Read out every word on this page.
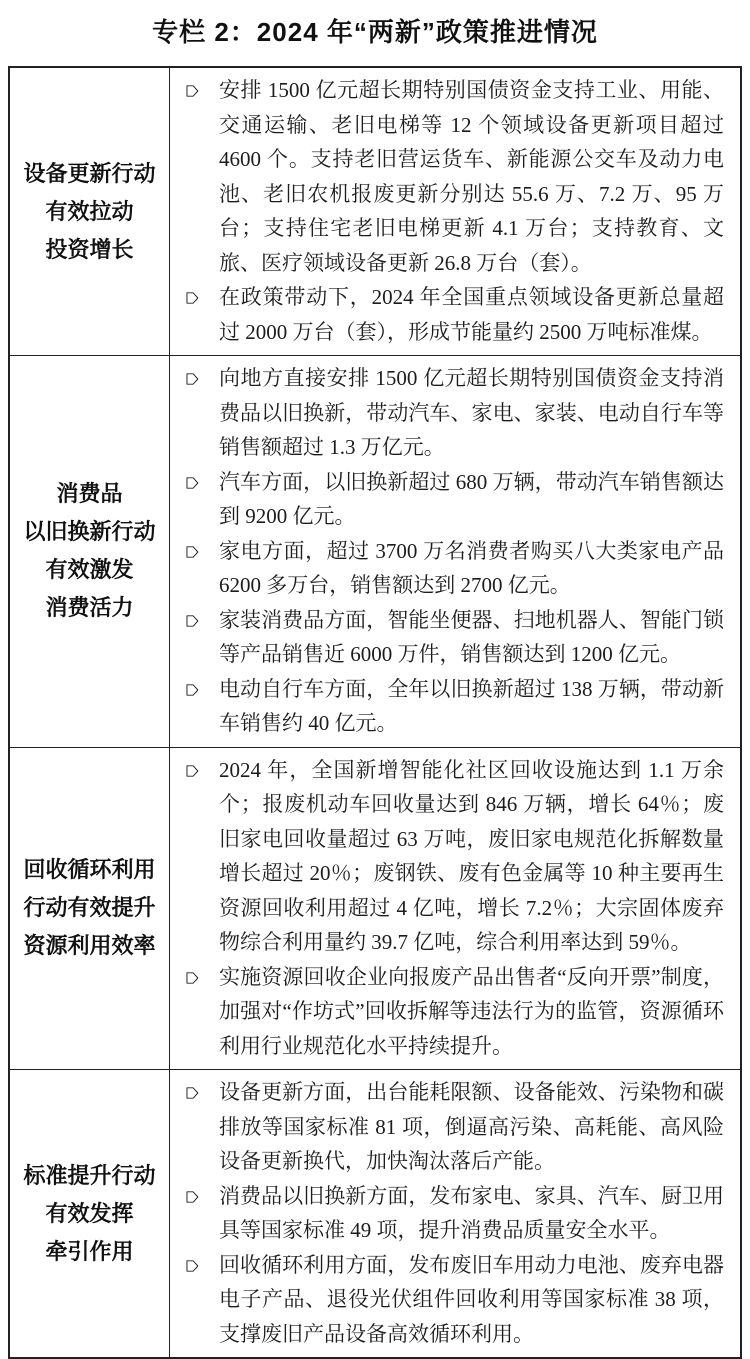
专栏 2：2024 年“两新”政策推进情况
设备更新行动
有效拉动
投资增长
安排 1500 亿元超长期特别国债资金支持工业、用能、交通运输、老旧电梯等 12 个领域设备更新项目超过 4600 个。支持老旧营运货车、新能源公交车及动力电池、老旧农机报废更新分别达 55.6 万、7.2 万、95 万台；支持住宅老旧电梯更新 4.1 万台；支持教育、文旅、医疗领域设备更新 26.8 万台（套）。
在政策带动下，2024 年全国重点领域设备更新总量超过 2000 万台（套），形成节能量约 2500 万吨标准煤。
消费品
以旧换新行动
有效激发
消费活力
向地方直接安排 1500 亿元超长期特别国债资金支持消费品以旧换新，带动汽车、家电、家装、电动自行车等销售额超过 1.3 万亿元。
汽车方面，以旧换新超过 680 万辆，带动汽车销售额达到 9200 亿元。
家电方面，超过 3700 万名消费者购买八大类家电产品 6200 多万台，销售额达到 2700 亿元。
家装消费品方面，智能坐便器、扫地机器人、智能门锁等产品销售近 6000 万件，销售额达到 1200 亿元。
电动自行车方面，全年以旧换新超过 138 万辆，带动新车销售约 40 亿元。
回收循环利用
行动有效提升
资源利用效率
2024 年，全国新增智能化社区回收设施达到 1.1 万余个；报废机动车回收量达到 846 万辆，增长 64％；废旧家电回收量超过 63 万吨，废旧家电规范化拆解数量增长超过 20％；废钢铁、废有色金属等 10 种主要再生资源回收利用超过 4 亿吨，增长 7.2％；大宗固体废弃物综合利用量约 39.7 亿吨，综合利用率达到 59％。
实施资源回收企业向报废产品出售者“反向开票”制度，加强对“作坊式”回收拆解等违法行为的监管，资源循环利用行业规范化水平持续提升。
标准提升行动
有效发挥
牵引作用
设备更新方面，出台能耗限额、设备能效、污染物和碳排放等国家标准 81 项，倒逼高污染、高耗能、高风险设备更新换代，加快淘汰落后产能。
消费品以旧换新方面，发布家电、家具、汽车、厨卫用具等国家标准 49 项，提升消费品质量安全水平。
回收循环利用方面，发布废旧车用动力电池、废弃电器电子产品、退役光伏组件回收利用等国家标准 38 项，支撑废旧产品设备高效循环利用。
